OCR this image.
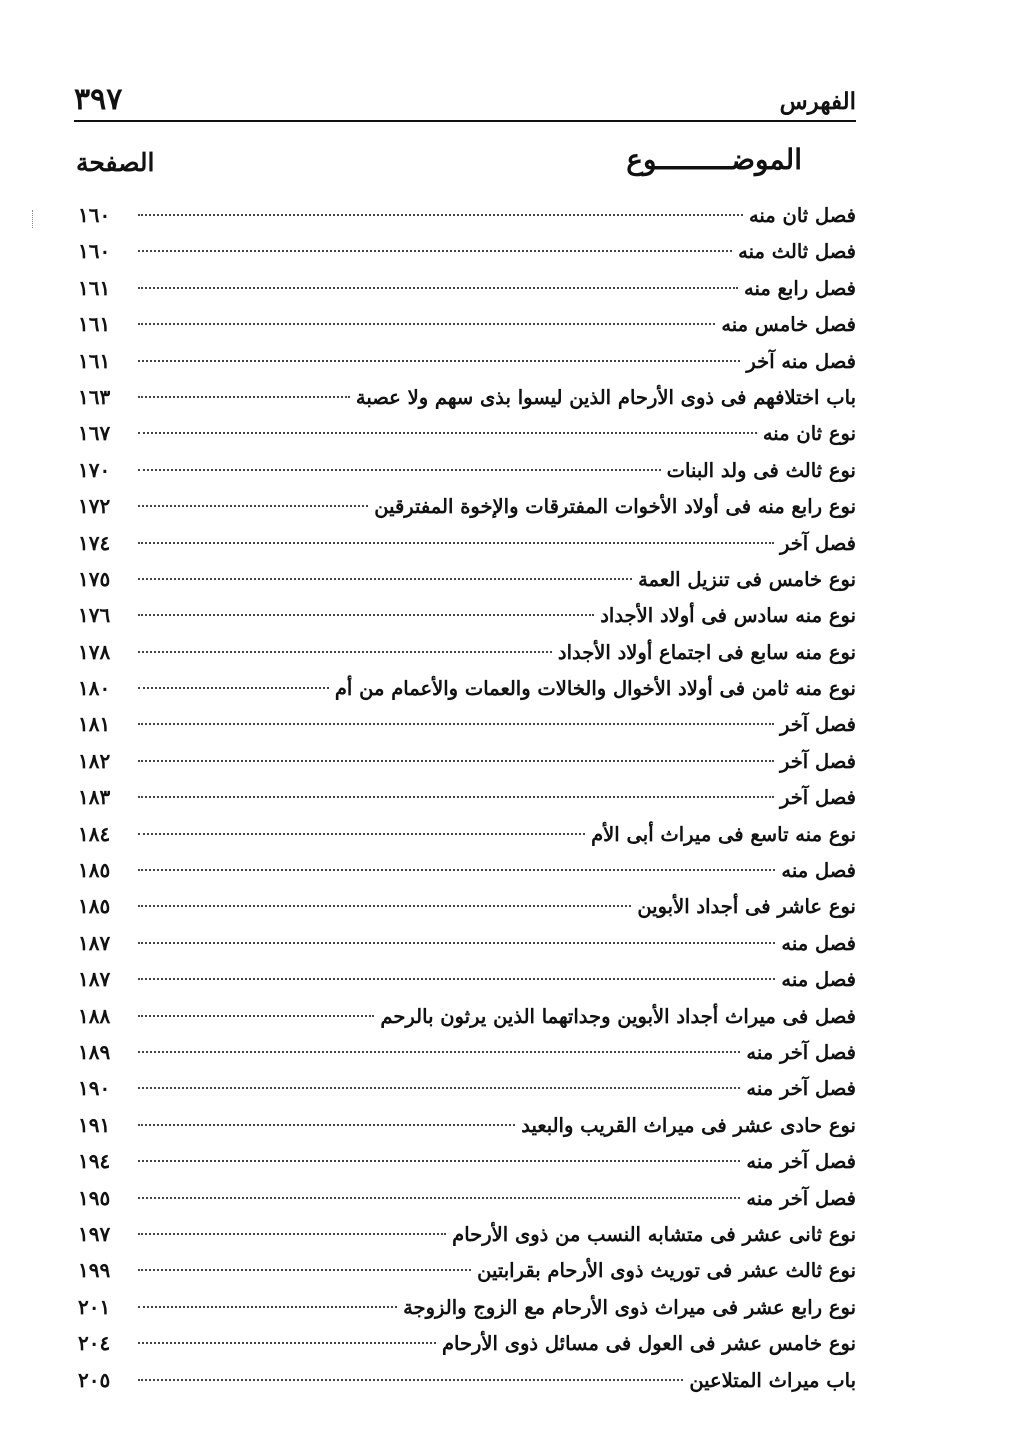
الفهرس
٣٩٧
الموضـــــــــوع
الصفحة
فصل ثان منه
١٦٠
فصل ثالث منه
١٦٠
فصل رابع منه
١٦١
فصل خامس منه
١٦١
فصل منه آخر
١٦١
باب اختلافهم فى ذوى الأرحام الذين ليسوا بذى سهم ولا عصبة
١٦٣
نوع ثان منه
١٦٧
نوع ثالث فى ولد البنات
١٧٠
نوع رابع منه فى أولاد الأخوات المفترقات والإخوة المفترقين
١٧٢
فصل آخر
١٧٤
نوع خامس فى تنزيل العمة
١٧٥
نوع منه سادس فى أولاد الأجداد
١٧٦
نوع منه سابع فى اجتماع أولاد الأجداد
١٧٨
نوع منه ثامن فى أولاد الأخوال والخالات والعمات والأعمام من أم
١٨٠
فصل آخر
١٨١
فصل آخر
١٨٢
فصل آخر
١٨٣
نوع منه تاسع فى ميراث أبى الأم
١٨٤
فصل منه
١٨٥
نوع عاشر فى أجداد الأبوين
١٨٥
فصل منه
١٨٧
فصل منه
١٨٧
فصل فى ميراث أجداد الأبوين وجداتهما الذين يرثون بالرحم
١٨٨
فصل آخر منه
١٨٩
فصل آخر منه
١٩٠
نوع حادى عشر فى ميراث القريب والبعيد
١٩١
فصل آخر منه
١٩٤
فصل آخر منه
١٩٥
نوع ثانى عشر فى متشابه النسب من ذوى الأرحام
١٩٧
نوع ثالث عشر فى توريث ذوى الأرحام بقرابتين
١٩٩
نوع رابع عشر فى ميراث ذوى الأرحام مع الزوج والزوجة
٢٠١
نوع خامس عشر فى العول فى مسائل ذوى الأرحام
٢٠٤
باب ميراث المتلاعين
٢٠٥
